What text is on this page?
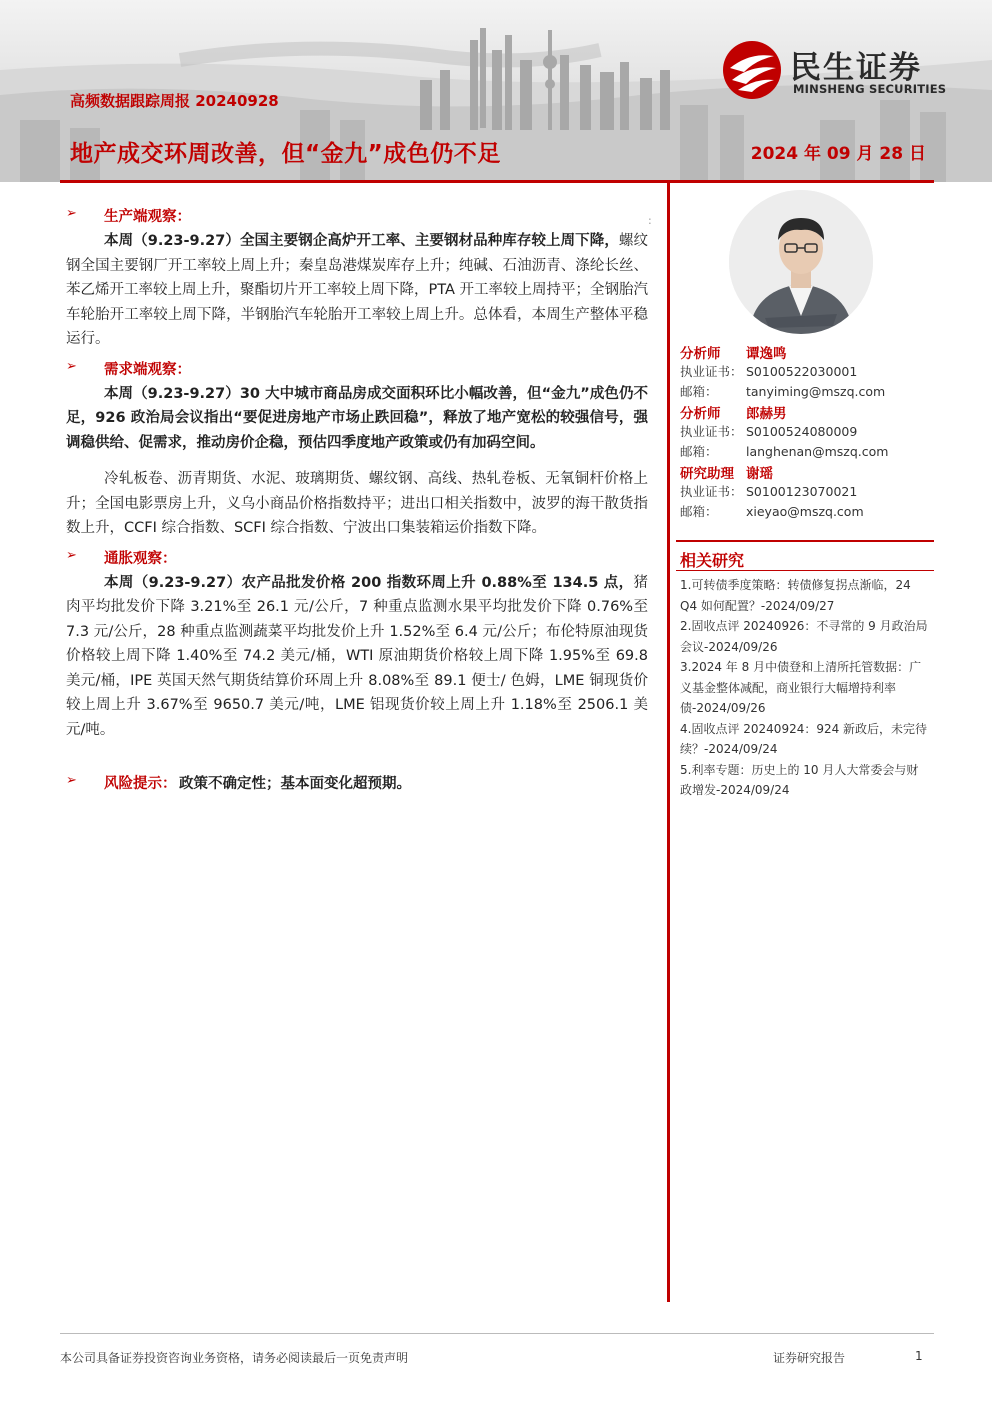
高频数据跟踪周报 20240928
地产成交环周改善，但“金九”成色仍不足	2024 年 09 月 28 日
民生证券
MINSHENG SECURITIES
:
➢ 生产端观察：

本周（9.23-9.27）全国主要钢企高炉开工率、主要钢材品种库存较上周下降，螺纹钢全国主要钢厂开工率较上周上升；秦皇岛港煤炭库存上升；纯碱、石油沥青、涤纶长丝、苯乙烯开工率较上周上升，聚酯切片开工率较上周下降，PTA 开工率较上周持平；全钢胎汽车轮胎开工率较上周下降，半钢胎汽车轮胎开工率较上周上升。总体看，本周生产整体平稳运行。

➢ 需求端观察：

本周（9.23-9.27）30 大中城市商品房成交面积环比小幅改善，但“金九”成色仍不足，926 政治局会议指出“要促进房地产市场止跌回稳”，释放了地产宽松的较强信号，强调稳供给、促需求，推动房价企稳，预估四季度地产政策或仍有加码空间。

冷轧板卷、沥青期货、水泥、玻璃期货、螺纹钢、高线、热轧卷板、无氧铜杆价格上升；全国电影票房上升，义乌小商品价格指数持平；进出口相关指数中，波罗的海干散货指数上升，CCFI 综合指数、SCFI 综合指数、宁波出口集装箱运价指数下降。

➢ 通胀观察：

本周（9.23-9.27）农产品批发价格 200 指数环周上升 0.88%至 134.5 点，猪肉平均批发价下降 3.21%至 26.1 元/公斤，7 种重点监测水果平均批发价下降 0.76%至 7.3 元/公斤，28 种重点监测蔬菜平均批发价上升 1.52%至 6.4 元/公斤；布伦特原油现货价格较上周下降 1.40%至 74.2 美元/桶，WTI 原油期货价格较上周下降 1.95%至 69.8 美元/桶，IPE 英国天然气期货结算价环周上升 8.08%至 89.1 便士/ 色姆，LME 铜现货价较上周上升 3.67%至 9650.7 美元/吨，LME 铝现货价较上周上升 1.18%至 2506.1 美元/吨。

➢ 风险提示： 政策不确定性；基本面变化超预期。
分析师 谭逸鸣
执业证书： S0100522030001
邮箱： tanyiming@mszq.com
分析师 郎赫男
执业证书： S0100524080009
邮箱： langhenan@mszq.com
研究助理 谢瑶
执业证书： S0100123070021
邮箱： xieyao@mszq.com
相关研究
1.可转债季度策略：转债修复拐点渐临，24 Q4 如何配置？-2024/09/27
2.固收点评 20240926：不寻常的 9 月政治局会议-2024/09/26
3.2024 年 8 月中债登和上清所托管数据：广义基金整体减配，商业银行大幅增持利率债-2024/09/26
4.固收点评 20240924：924 新政后，未完待续？-2024/09/24
5.利率专题：历史上的 10 月人大常委会与财政增发-2024/09/24
本公司具备证券投资咨询业务资格，请务必阅读最后一页免责声明	证券研究报告	1
